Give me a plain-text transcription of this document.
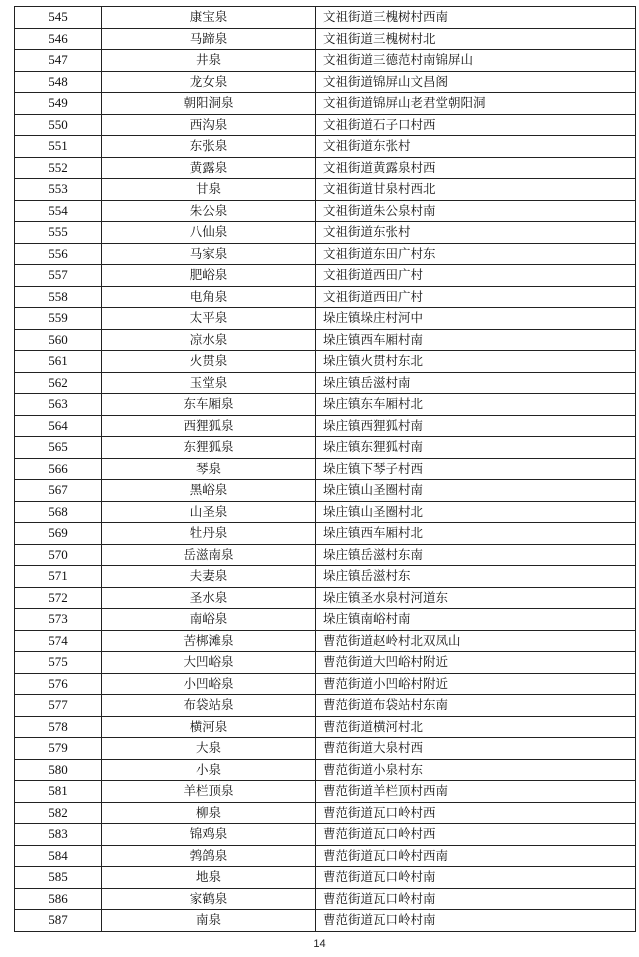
545	康宝泉	文祖街道三槐树村西南
546	马蹄泉	文祖街道三槐树村北
547	井泉	文祖街道三德范村南锦屏山
548	龙女泉	文祖街道锦屏山文昌阁
549	朝阳洞泉	文祖街道锦屏山老君堂朝阳洞
550	西沟泉	文祖街道石子口村西
551	东张泉	文祖街道东张村
552	黄露泉	文祖街道黄露泉村西
553	甘泉	文祖街道甘泉村西北
554	朱公泉	文祖街道朱公泉村南
555	八仙泉	文祖街道东张村
556	马家泉	文祖街道东田广村东
557	肥峪泉	文祖街道西田广村
558	电角泉	文祖街道西田广村
559	太平泉	垛庄镇垛庄村河中
560	凉水泉	垛庄镇西车厢村南
561	火贯泉	垛庄镇火贯村东北
562	玉堂泉	垛庄镇岳滋村南
563	东车厢泉	垛庄镇东车厢村北
564	西狸狐泉	垛庄镇西狸狐村南
565	东狸狐泉	垛庄镇东狸狐村南
566	琴泉	垛庄镇下琴子村西
567	黑峪泉	垛庄镇山圣圈村南
568	山圣泉	垛庄镇山圣圈村北
569	牡丹泉	垛庄镇西车厢村北
570	岳滋南泉	垛庄镇岳滋村东南
571	夫妻泉	垛庄镇岳滋村东
572	圣水泉	垛庄镇圣水泉村河道东
573	南峪泉	垛庄镇南峪村南
574	苦梆滩泉	曹范街道赵岭村北双凤山
575	大凹峪泉	曹范街道大凹峪村附近
576	小凹峪泉	曹范街道小凹峪村附近
577	布袋站泉	曹范街道布袋站村东南
578	横河泉	曹范街道横河村北
579	大泉	曹范街道大泉村西
580	小泉	曹范街道小泉村东
581	羊栏顶泉	曹范街道羊栏顶村西南
582	柳泉	曹范街道瓦口岭村西
583	锦鸡泉	曹范街道瓦口岭村西
584	鹁鸽泉	曹范街道瓦口岭村西南
585	地泉	曹范街道瓦口岭村南
586	家鹤泉	曹范街道瓦口岭村南
587	南泉	曹范街道瓦口岭村南
14
